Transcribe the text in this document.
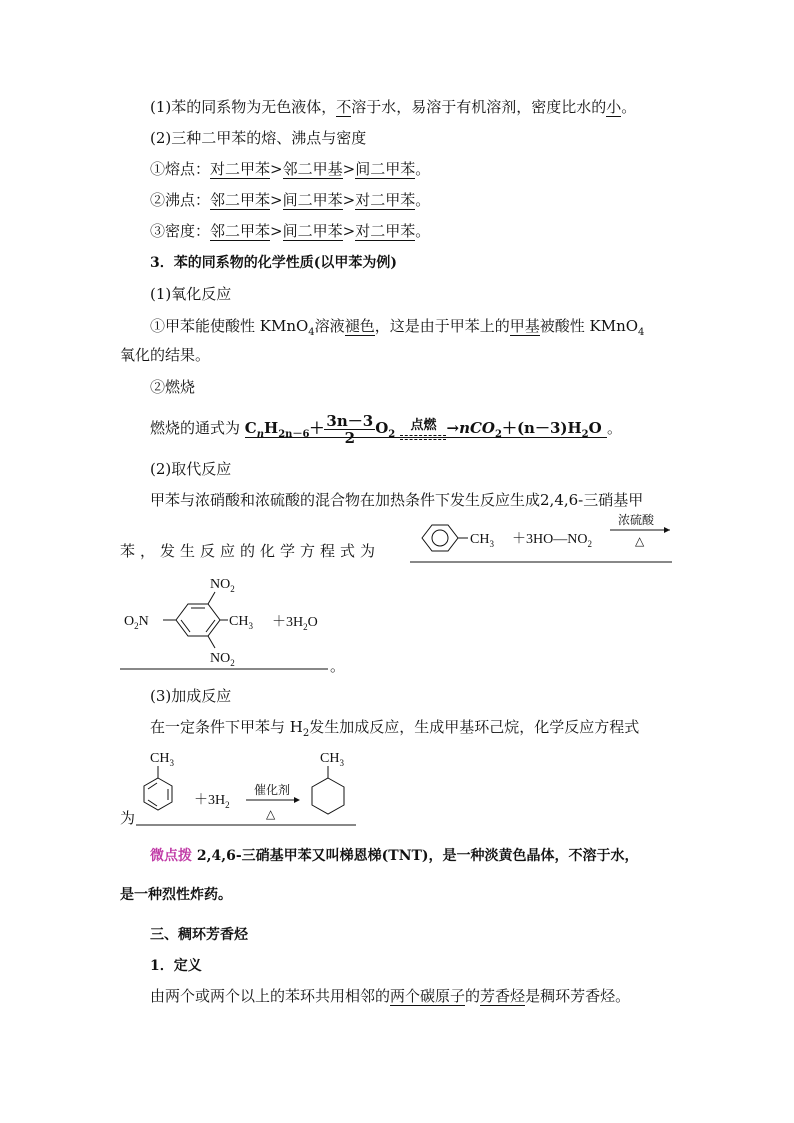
(1)苯的同系物为无色液体，不溶于水，易溶于有机溶剂，密度比水的小。
(2)三种二甲苯的熔、沸点与密度
①熔点：对二甲苯>邻二甲基>间二甲苯。
②沸点：邻二甲苯>间二甲苯>对二甲苯。
③密度：邻二甲苯>间二甲苯>对二甲苯。
3．苯的同系物的化学性质(以甲苯为例)
(1)氧化反应
①甲苯能使酸性 KMnO$_4$溶液褪色，这是由于甲苯上的甲基被酸性 KMnO$_4$
氧化的结果。
②燃烧
燃烧的通式为 $C_nH_{2n-6}+ \frac{3n-3}{2} O_2$
点燃 $\to nCO_2+(n-3)H_2O$ 。
(2)取代反应
甲苯与浓硝酸和浓硫酸的混合物在加热条件下发生反应生成2,4,6-三硝基甲
苯，发生反应的化学方程式为
$CH_3$ $+3HO—NO_2$
浓硫酸
△
$NO_2$
$O_2N$	$CH_3 +3H_2O$
$NO_2$	。
(3)加成反应
在一定条件下甲苯与 $H_2$发生加成反应，生成甲基环己烷，化学反应方程式
为
$CH_3$
$+3H_2$
催化剂
△
$CH_3$
微点拨 2,4,6-三硝基甲苯又叫梯恩梯(TNT)，是一种淡黄色晶体，不溶于水，
是一种烈性炸药。
三、稠环芳香烃
1．定义
由两个或两个以上的苯环共用相邻的两个碳原子的芳香烃是稠环芳香烃。
